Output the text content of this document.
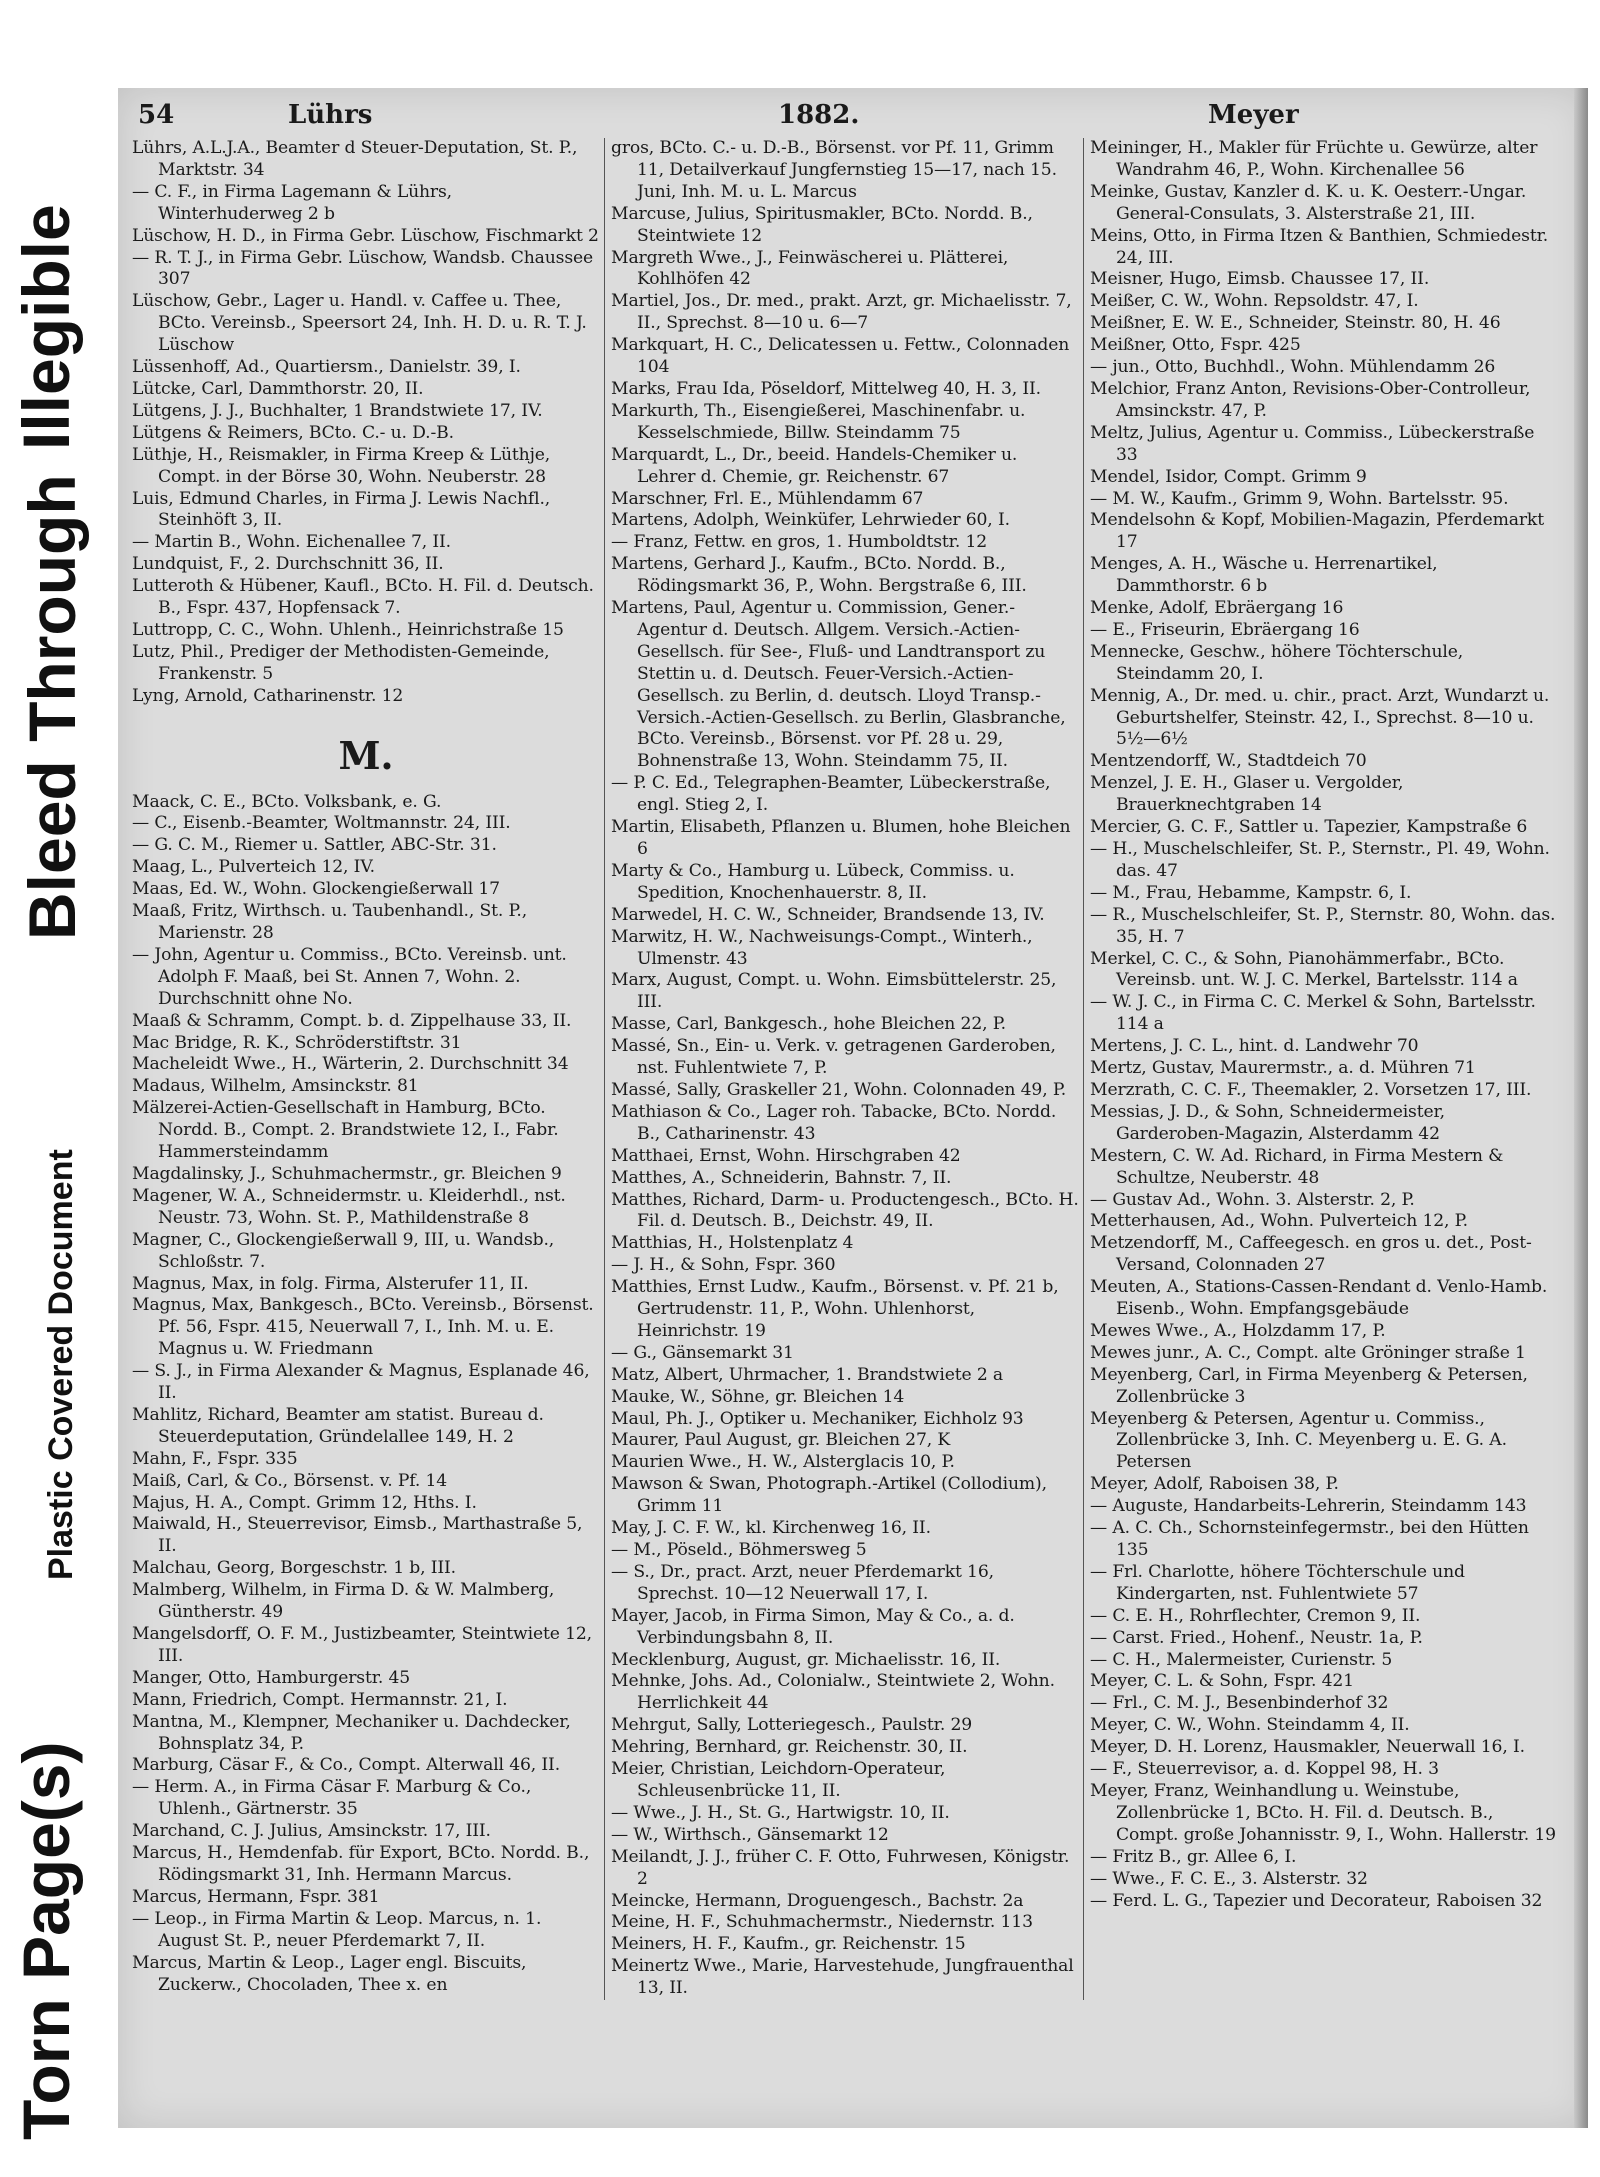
Torn Page(s)
Plastic Covered Document
Bleed Through
Illegible
54	Lührs	1882.	Meyer
Lührs, A.L.J.A., Beamter d Steuer-Deputation, St. P., Marktstr. 34
— C. F., in Firma Lagemann & Lührs, Winterhuderweg 2 b
Lüschow, H. D., in Firma Gebr. Lüschow, Fischmarkt 2
— R. T. J., in Firma Gebr. Lüschow, Wandsb. Chaussee 307
Lüschow, Gebr., Lager u. Handl. v. Caffee u. Thee, BCto. Vereinsb., Speersort 24, Inh. H. D. u. R. T. J. Lüschow
Lüssenhoff, Ad., Quartiersm., Danielstr. 39, I.
Lütcke, Carl, Dammthorstr. 20, II.
Lütgens, J. J., Buchhalter, 1 Brandstwiete 17, IV.
Lütgens & Reimers, BCto. C.- u. D.-B.
Lüthje, H., Reismakler, in Firma Kreep & Lüthje, Compt. in der Börse 30, Wohn. Neuberstr. 28
Luis, Edmund Charles, in Firma J. Lewis Nachfl., Steinhöft 3, II.
— Martin B., Wohn. Eichenallee 7, II.
Lundquist, F., 2. Durchschnitt 36, II.
Lutteroth & Hübener, Kaufl., BCto. H. Fil. d. Deutsch. B., Fspr. 437, Hopfensack 7.
Luttropp, C. C., Wohn. Uhlenh., Heinrichstraße 15
Lutz, Phil., Prediger der Methodisten-Gemeinde, Frankenstr. 5
Lyng, Arnold, Catharinenstr. 12
M.
Maack, C. E., BCto. Volksbank, e. G.
— C., Eisenb.-Beamter, Woltmannstr. 24, III.
— G. C. M., Riemer u. Sattler, ABC-Str. 31.
Maag, L., Pulverteich 12, IV.
Maas, Ed. W., Wohn. Glockengießerwall 17
Maaß, Fritz, Wirthsch. u. Taubenhandl., St. P., Marienstr. 28
— John, Agentur u. Commiss., BCto. Vereinsb. unt. Adolph F. Maaß, bei St. Annen 7, Wohn. 2. Durchschnitt ohne No.
Maaß & Schramm, Compt. b. d. Zippelhause 33, II.
Mac Bridge, R. K., Schröderstiftstr. 31
Macheleidt Wwe., H., Wärterin, 2. Durchschnitt 34
Madaus, Wilhelm, Amsinckstr. 81
Mälzerei-Actien-Gesellschaft in Hamburg, BCto. Nordd. B., Compt. 2. Brandstwiete 12, I., Fabr. Hammersteindamm
Magdalinsky, J., Schuhmachermstr., gr. Bleichen 9
Magener, W. A., Schneidermstr. u. Kleiderhdl., nst. Neustr. 73, Wohn. St. P., Mathildenstraße 8
Magner, C., Glockengießerwall 9, III, u. Wandsb., Schloßstr. 7.
Magnus, Max, in folg. Firma, Alsterufer 11, II.
Magnus, Max, Bankgesch., BCto. Vereinsb., Börsenst. Pf. 56, Fspr. 415, Neuerwall 7, I., Inh. M. u. E. Magnus u. W. Friedmann
— S. J., in Firma Alexander & Magnus, Esplanade 46, II.
Mahlitz, Richard, Beamter am statist. Bureau d. Steuerdeputation, Gründelallee 149, H. 2
Mahn, F., Fspr. 335
Maiß, Carl, & Co., Börsenst. v. Pf. 14
Majus, H. A., Compt. Grimm 12, Hths. I.
Maiwald, H., Steuerrevisor, Eimsb., Marthastraße 5, II.
Malchau, Georg, Borgeschstr. 1 b, III.
Malmberg, Wilhelm, in Firma D. & W. Malmberg, Güntherstr. 49
Mangelsdorff, O. F. M., Justizbeamter, Steintwiete 12, III.
Manger, Otto, Hamburgerstr. 45
Mann, Friedrich, Compt. Hermannstr. 21, I.
Mantna, M., Klempner, Mechaniker u. Dachdecker, Bohnsplatz 34, P.
Marburg, Cäsar F., & Co., Compt. Alterwall 46, II.
— Herm. A., in Firma Cäsar F. Marburg & Co., Uhlenh., Gärtnerstr. 35
Marchand, C. J. Julius, Amsinckstr. 17, III.
Marcus, H., Hemdenfab. für Export, BCto. Nordd. B., Rödingsmarkt 31, Inh. Hermann Marcus.
Marcus, Hermann, Fspr. 381
— Leop., in Firma Martin & Leop. Marcus, n. 1. August St. P., neuer Pferdemarkt 7, II.
Marcus, Martin & Leop., Lager engl. Biscuits, Zuckerw., Chocoladen, Thee x. en
gros, BCto. C.- u. D.-B., Börsenst. vor Pf. 11, Grimm 11, Detailverkauf Jungfernstieg 15—17, nach 15. Juni, Inh. M. u. L. Marcus
Marcuse, Julius, Spiritusmakler, BCto. Nordd. B., Steintwiete 12
Margreth Wwe., J., Feinwäscherei u. Plätterei, Kohlhöfen 42
Martiel, Jos., Dr. med., prakt. Arzt, gr. Michaelisstr. 7, II., Sprechst. 8—10 u. 6—7
Markquart, H. C., Delicatessen u. Fettw., Colonnaden 104
Marks, Frau Ida, Pöseldorf, Mittelweg 40, H. 3, II.
Markurth, Th., Eisengießerei, Maschinenfabr. u. Kesselschmiede, Billw. Steindamm 75
Marquardt, L., Dr., beeid. Handels-Chemiker u. Lehrer d. Chemie, gr. Reichenstr. 67
Marschner, Frl. E., Mühlendamm 67
Martens, Adolph, Weinküfer, Lehrwieder 60, I.
— Franz, Fettw. en gros, 1. Humboldtstr. 12
Martens, Gerhard J., Kaufm., BCto. Nordd. B., Rödingsmarkt 36, P., Wohn. Bergstraße 6, III.
Martens, Paul, Agentur u. Commission, Gener.-Agentur d. Deutsch. Allgem. Versich.-Actien-Gesellsch. für See-, Fluß- und Landtransport zu Stettin u. d. Deutsch. Feuer-Versich.-Actien-Gesellsch. zu Berlin, d. deutsch. Lloyd Transp.-Versich.-Actien-Gesellsch. zu Berlin, Glasbranche, BCto. Vereinsb., Börsenst. vor Pf. 28 u. 29, Bohnenstraße 13, Wohn. Steindamm 75, II.
— P. C. Ed., Telegraphen-Beamter, Lübeckerstraße, engl. Stieg 2, I.
Martin, Elisabeth, Pflanzen u. Blumen, hohe Bleichen 6
Marty & Co., Hamburg u. Lübeck, Commiss. u. Spedition, Knochenhauerstr. 8, II.
Marwedel, H. C. W., Schneider, Brandsende 13, IV.
Marwitz, H. W., Nachweisungs-Compt., Winterh., Ulmenstr. 43
Marx, August, Compt. u. Wohn. Eimsbüttelerstr. 25, III.
Masse, Carl, Bankgesch., hohe Bleichen 22, P.
Massé, Sn., Ein- u. Verk. v. getragenen Garderoben, nst. Fuhlentwiete 7, P.
Massé, Sally, Graskeller 21, Wohn. Colonnaden 49, P.
Mathiason & Co., Lager roh. Tabacke, BCto. Nordd. B., Catharinenstr. 43
Matthaei, Ernst, Wohn. Hirschgraben 42
Matthes, A., Schneiderin, Bahnstr. 7, II.
Matthes, Richard, Darm- u. Productengesch., BCto. H. Fil. d. Deutsch. B., Deichstr. 49, II.
Matthias, H., Holstenplatz 4
— J. H., & Sohn, Fspr. 360
Matthies, Ernst Ludw., Kaufm., Börsenst. v. Pf. 21 b, Gertrudenstr. 11, P., Wohn. Uhlenhorst, Heinrichstr. 19
— G., Gänsemarkt 31
Matz, Albert, Uhrmacher, 1. Brandstwiete 2 a
Mauke, W., Söhne, gr. Bleichen 14
Maul, Ph. J., Optiker u. Mechaniker, Eichholz 93
Maurer, Paul August, gr. Bleichen 27, K
Maurien Wwe., H. W., Alsterglacis 10, P.
Mawson & Swan, Photograph.-Artikel (Collodium), Grimm 11
May, J. C. F. W., kl. Kirchenweg 16, II.
— M., Pöseld., Böhmersweg 5
— S., Dr., pract. Arzt, neuer Pferdemarkt 16, Sprechst. 10—12 Neuerwall 17, I.
Mayer, Jacob, in Firma Simon, May & Co., a. d. Verbindungsbahn 8, II.
Mecklenburg, August, gr. Michaelisstr. 16, II.
Mehnke, Johs. Ad., Colonialw., Steintwiete 2, Wohn. Herrlichkeit 44
Mehrgut, Sally, Lotteriegesch., Paulstr. 29
Mehring, Bernhard, gr. Reichenstr. 30, II.
Meier, Christian, Leichdorn-Operateur, Schleusenbrücke 11, II.
— Wwe., J. H., St. G., Hartwigstr. 10, II.
— W., Wirthsch., Gänsemarkt 12
Meilandt, J. J., früher C. F. Otto, Fuhrwesen, Königstr. 2
Meincke, Hermann, Droguengesch., Bachstr. 2a
Meine, H. F., Schuhmachermstr., Niedernstr. 113
Meiners, H. F., Kaufm., gr. Reichenstr. 15
Meinertz Wwe., Marie, Harvestehude, Jungfrauenthal 13, II.
Meininger, H., Makler für Früchte u. Gewürze, alter Wandrahm 46, P., Wohn. Kirchenallee 56
Meinke, Gustav, Kanzler d. K. u. K. Oesterr.-Ungar. General-Consulats, 3. Alsterstraße 21, III.
Meins, Otto, in Firma Itzen & Banthien, Schmiedestr. 24, III.
Meisner, Hugo, Eimsb. Chaussee 17, II.
Meißer, C. W., Wohn. Repsoldstr. 47, I.
Meißner, E. W. E., Schneider, Steinstr. 80, H. 46
Meißner, Otto, Fspr. 425
— jun., Otto, Buchhdl., Wohn. Mühlendamm 26
Melchior, Franz Anton, Revisions-Ober-Controlleur, Amsinckstr. 47, P.
Meltz, Julius, Agentur u. Commiss., Lübeckerstraße 33
Mendel, Isidor, Compt. Grimm 9
— M. W., Kaufm., Grimm 9, Wohn. Bartelsstr. 95.
Mendelsohn & Kopf, Mobilien-Magazin, Pferdemarkt 17
Menges, A. H., Wäsche u. Herrenartikel, Dammthorstr. 6 b
Menke, Adolf, Ebräergang 16
— E., Friseurin, Ebräergang 16
Mennecke, Geschw., höhere Töchterschule, Steindamm 20, I.
Mennig, A., Dr. med. u. chir., pract. Arzt, Wundarzt u. Geburtshelfer, Steinstr. 42, I., Sprechst. 8—10 u. 5½—6½
Mentzendorff, W., Stadtdeich 70
Menzel, J. E. H., Glaser u. Vergolder, Brauerknechtgraben 14
Mercier, G. C. F., Sattler u. Tapezier, Kampstraße 6
— H., Muschelschleifer, St. P., Sternstr., Pl. 49, Wohn. das. 47
— M., Frau, Hebamme, Kampstr. 6, I.
— R., Muschelschleifer, St. P., Sternstr. 80, Wohn. das. 35, H. 7
Merkel, C. C., & Sohn, Pianohämmerfabr., BCto. Vereinsb. unt. W. J. C. Merkel, Bartelsstr. 114 a
— W. J. C., in Firma C. C. Merkel & Sohn, Bartelsstr. 114 a
Mertens, J. C. L., hint. d. Landwehr 70
Mertz, Gustav, Maurermstr., a. d. Mühren 71
Merzrath, C. C. F., Theemakler, 2. Vorsetzen 17, III.
Messias, J. D., & Sohn, Schneidermeister, Garderoben-Magazin, Alsterdamm 42
Mestern, C. W. Ad. Richard, in Firma Mestern & Schultze, Neuberstr. 48
— Gustav Ad., Wohn. 3. Alsterstr. 2, P.
Metterhausen, Ad., Wohn. Pulverteich 12, P.
Metzendorff, M., Caffeegesch. en gros u. det., Post-Versand, Colonnaden 27
Meuten, A., Stations-Cassen-Rendant d. Venlo-Hamb. Eisenb., Wohn. Empfangsgebäude
Mewes Wwe., A., Holzdamm 17, P.
Mewes junr., A. C., Compt. alte Gröninger straße 1
Meyenberg, Carl, in Firma Meyenberg & Petersen, Zollenbrücke 3
Meyenberg & Petersen, Agentur u. Commiss., Zollenbrücke 3, Inh. C. Meyenberg u. E. G. A. Petersen
Meyer, Adolf, Raboisen 38, P.
— Auguste, Handarbeits-Lehrerin, Steindamm 143
— A. C. Ch., Schornsteinfegermstr., bei den Hütten 135
— Frl. Charlotte, höhere Töchterschule und Kindergarten, nst. Fuhlentwiete 57
— C. E. H., Rohrflechter, Cremon 9, II.
— Carst. Fried., Hohenf., Neustr. 1a, P.
— C. H., Malermeister, Curienstr. 5
Meyer, C. L. & Sohn, Fspr. 421
— Frl., C. M. J., Besenbinderhof 32
Meyer, C. W., Wohn. Steindamm 4, II.
Meyer, D. H. Lorenz, Hausmakler, Neuerwall 16, I.
— F., Steuerrevisor, a. d. Koppel 98, H. 3
Meyer, Franz, Weinhandlung u. Weinstube, Zollenbrücke 1, BCto. H. Fil. d. Deutsch. B., Compt. große Johannisstr. 9, I., Wohn. Hallerstr. 19
— Fritz B., gr. Allee 6, I.
— Wwe., F. C. E., 3. Alsterstr. 32
— Ferd. L. G., Tapezier und Decorateur, Raboisen 32
